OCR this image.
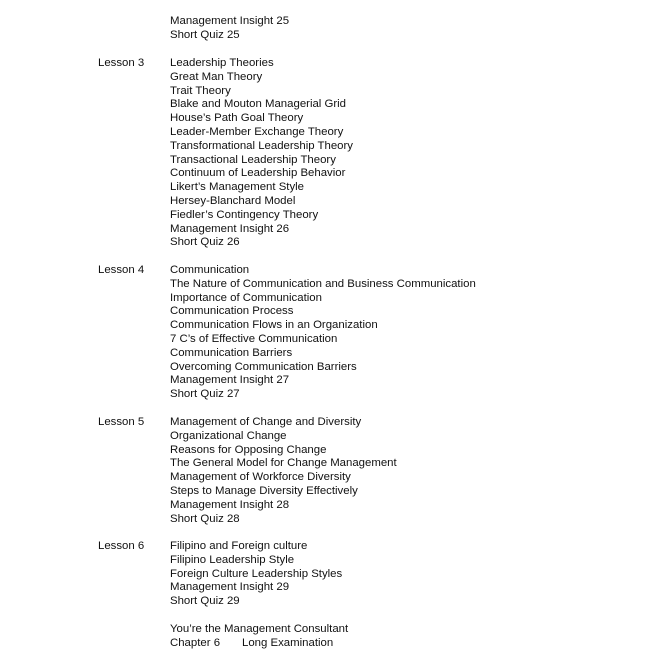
Management Insight 25
Short Quiz 25
Lesson 3 Leadership Theories
Great Man Theory
Trait Theory
Blake and Mouton Managerial Grid
House’s Path Goal Theory
Leader-Member Exchange Theory
Transformational Leadership Theory
Transactional Leadership Theory
Continuum of Leadership Behavior
Likert’s Management Style
Hersey-Blanchard Model
Fiedler’s Contingency Theory
Management Insight 26
Short Quiz 26
Lesson 4 Communication
The Nature of Communication and Business Communication
Importance of Communication
Communication Process
Communication Flows in an Organization
7 C’s of Effective Communication
Communication Barriers
Overcoming Communication Barriers
Management Insight 27
Short Quiz 27
Lesson 5 Management of Change and Diversity
Organizational Change
Reasons for Opposing Change
The General Model for Change Management
Management of Workforce Diversity
Steps to Manage Diversity Effectively
Management Insight 28
Short Quiz 28
Lesson 6 Filipino and Foreign culture
Filipino Leadership Style
Foreign Culture Leadership Styles
Management Insight 29
Short Quiz 29
You’re the Management Consultant
Chapter 6 Long Examination
